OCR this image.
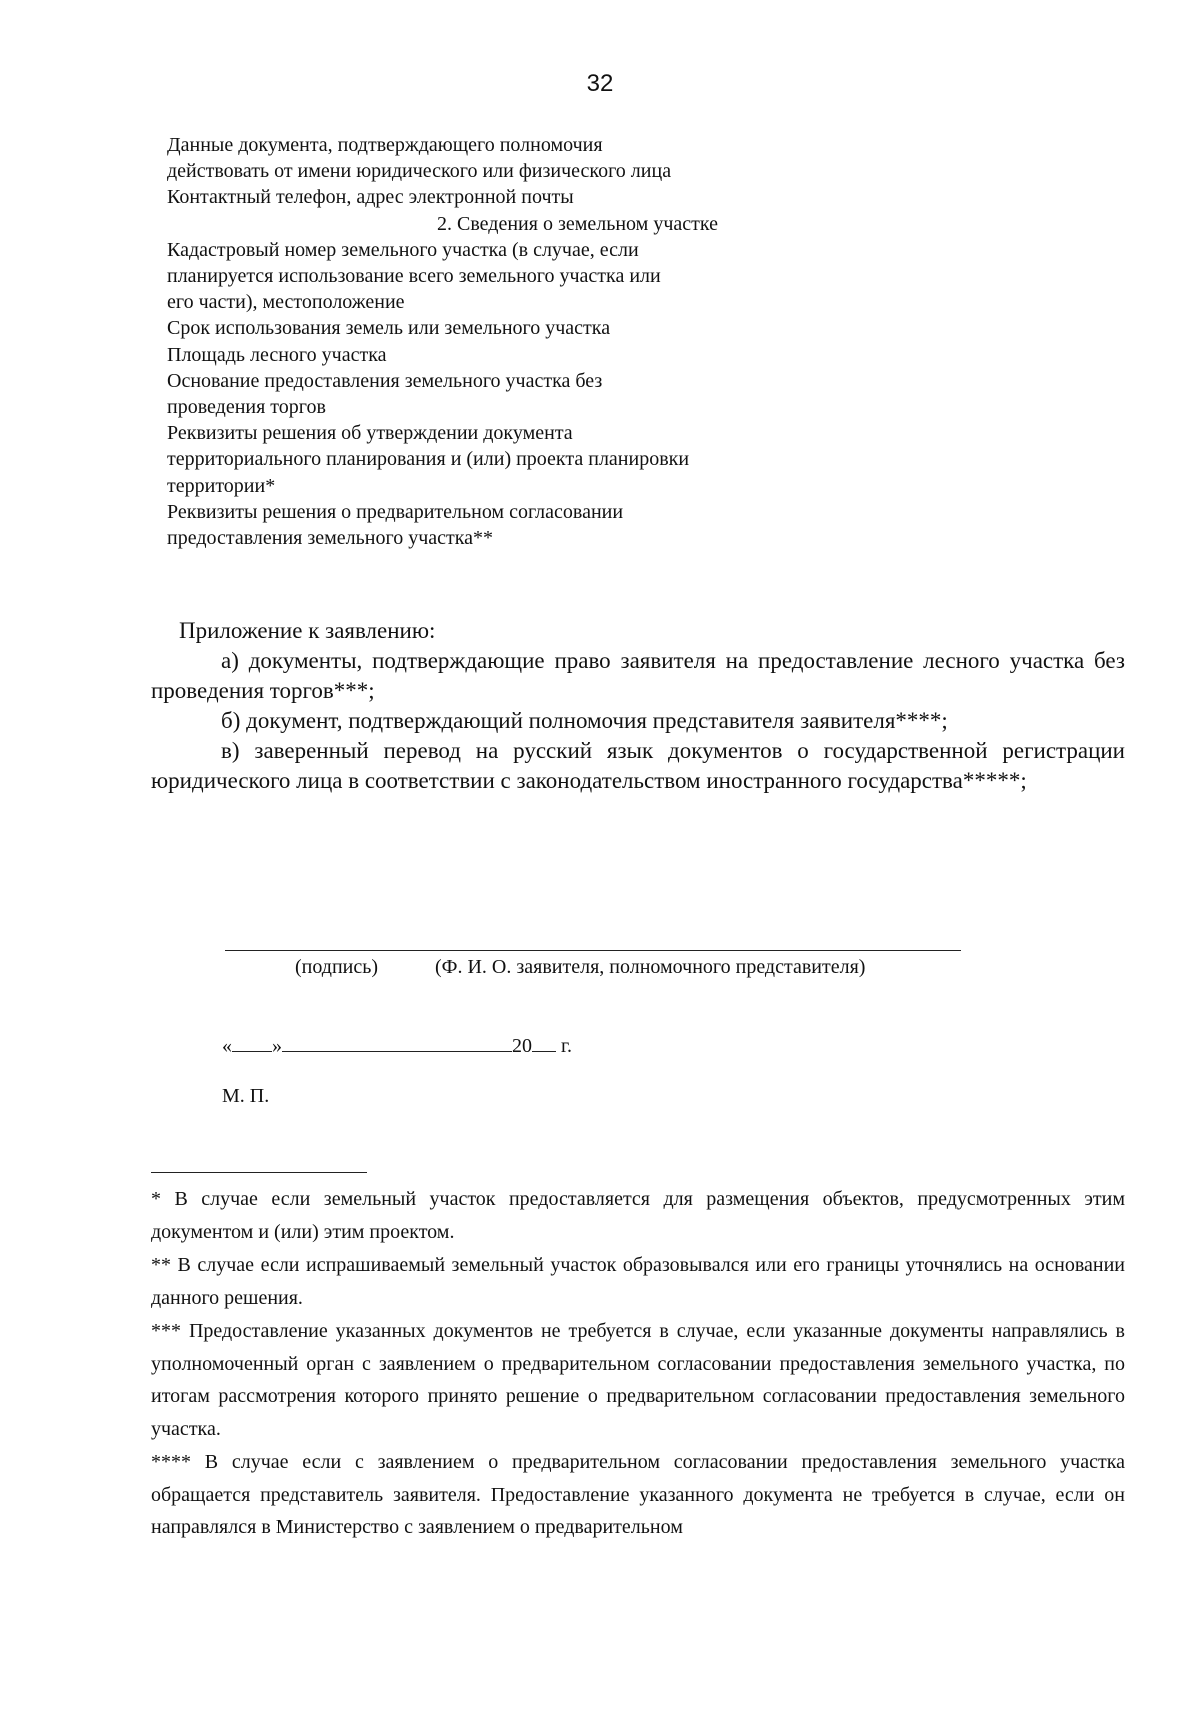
32
Данные документа, подтверждающего полномочия
действовать от имени юридического или физического лица
Контактный телефон, адрес электронной почты
2. Сведения о земельном участке
Кадастровый номер земельного участка (в случае, если
планируется использование всего земельного участка или
его части), местоположение
Срок использования земель или земельного участка
Площадь лесного участка
Основание предоставления земельного участка без
проведения торгов
Реквизиты решения об утверждении документа
территориального планирования и (или) проекта планировки
территории*
Реквизиты решения о предварительном согласовании
предоставления земельного участка**
Приложение к заявлению:

а) документы, подтверждающие право заявителя на предоставление лесного участка без проведения торгов***;

б) документ, подтверждающий полномочия представителя заявителя****;

в) заверенный перевод на русский язык документов о государственной регистрации юридического лица в соответствии с законодательством иностранного государства*****;

(подпись)	(Ф. И. О. заявителя, полномочного представителя)
« »	20 г.
М. П.

* В случае если земельный участок предоставляется для размещения объектов, предусмотренных этим документом и (или) этим проектом.

** В случае если испрашиваемый земельный участок образовывался или его границы уточнялись на основании данного решения.

*** Предоставление указанных документов не требуется в случае, если указанные документы направлялись в уполномоченный орган с заявлением о предварительном согласовании предоставления земельного участка, по итогам рассмотрения которого принято решение о предварительном согласовании предоставления земельного участка.

**** В случае если с заявлением о предварительном согласовании предоставления земельного участка обращается представитель заявителя. Предоставление указанного документа не требуется в случае, если он направлялся в Министерство с заявлением о предварительном
